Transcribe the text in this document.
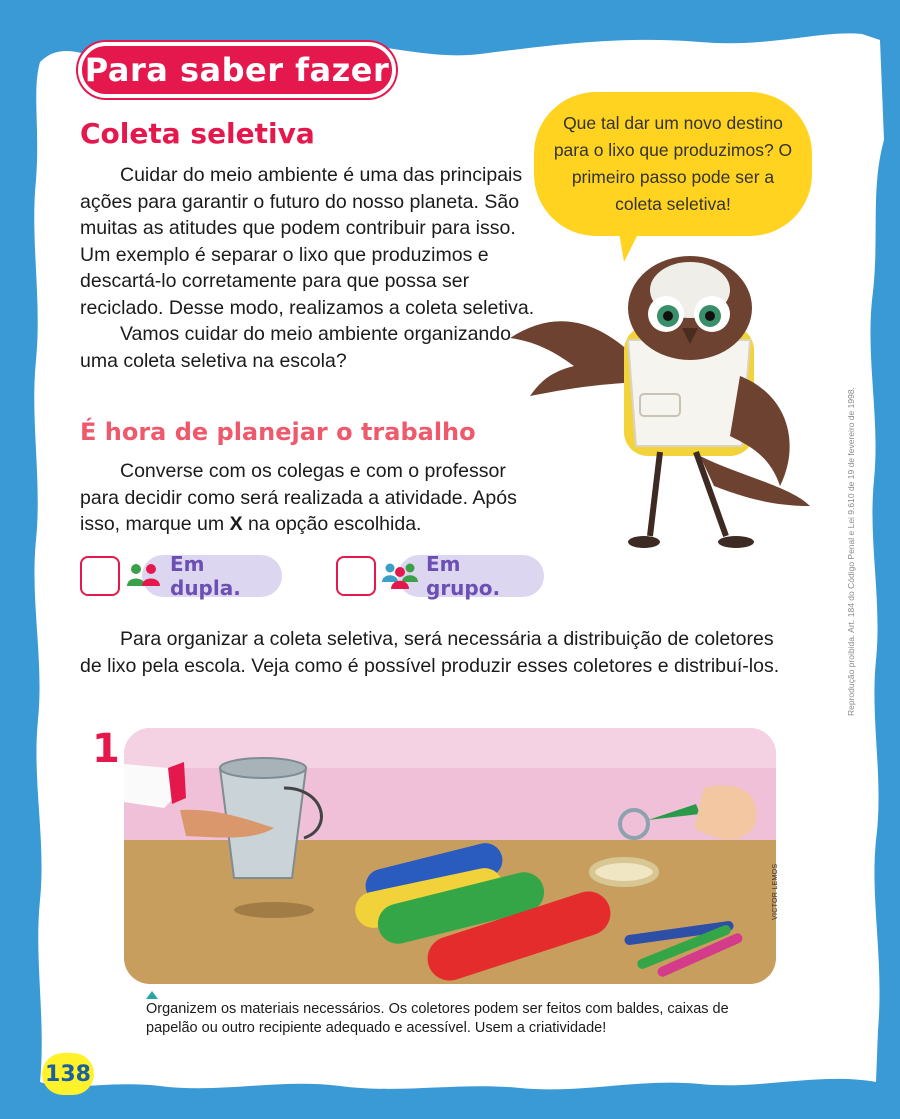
Para saber fazer
Coleta seletiva

Cuidar do meio ambiente é uma das principais ações para garantir o futuro do nosso planeta. São muitas as atitudes que podem contribuir para isso. Um exemplo é separar o lixo que produzimos e descartá-lo corretamente para que possa ser reciclado. Desse modo, realizamos a coleta seletiva.

Vamos cuidar do meio ambiente organizando uma coleta seletiva na escola?

Que tal dar um novo destino para o lixo que produzimos? O primeiro passo pode ser a coleta seletiva!
É hora de planejar o trabalho

Converse com os colegas e com o professor para decidir como será realizada a atividade. Após isso, marque um X na opção escolhida.

Em dupla.
Em grupo.

Para organizar a coleta seletiva, será necessária a distribuição de coletores de lixo pela escola. Veja como é possível produzir esses coletores e distribuí-los.

1
VICTOR LEMOS
Reprodução proibida. Art. 184 do Código Penal e Lei 9.610 de 19 de fevereiro de 1998.
Organizem os materiais necessários. Os coletores podem ser feitos com baldes, caixas de papelão ou outro recipiente adequado e acessível. Usem a criatividade!
138
